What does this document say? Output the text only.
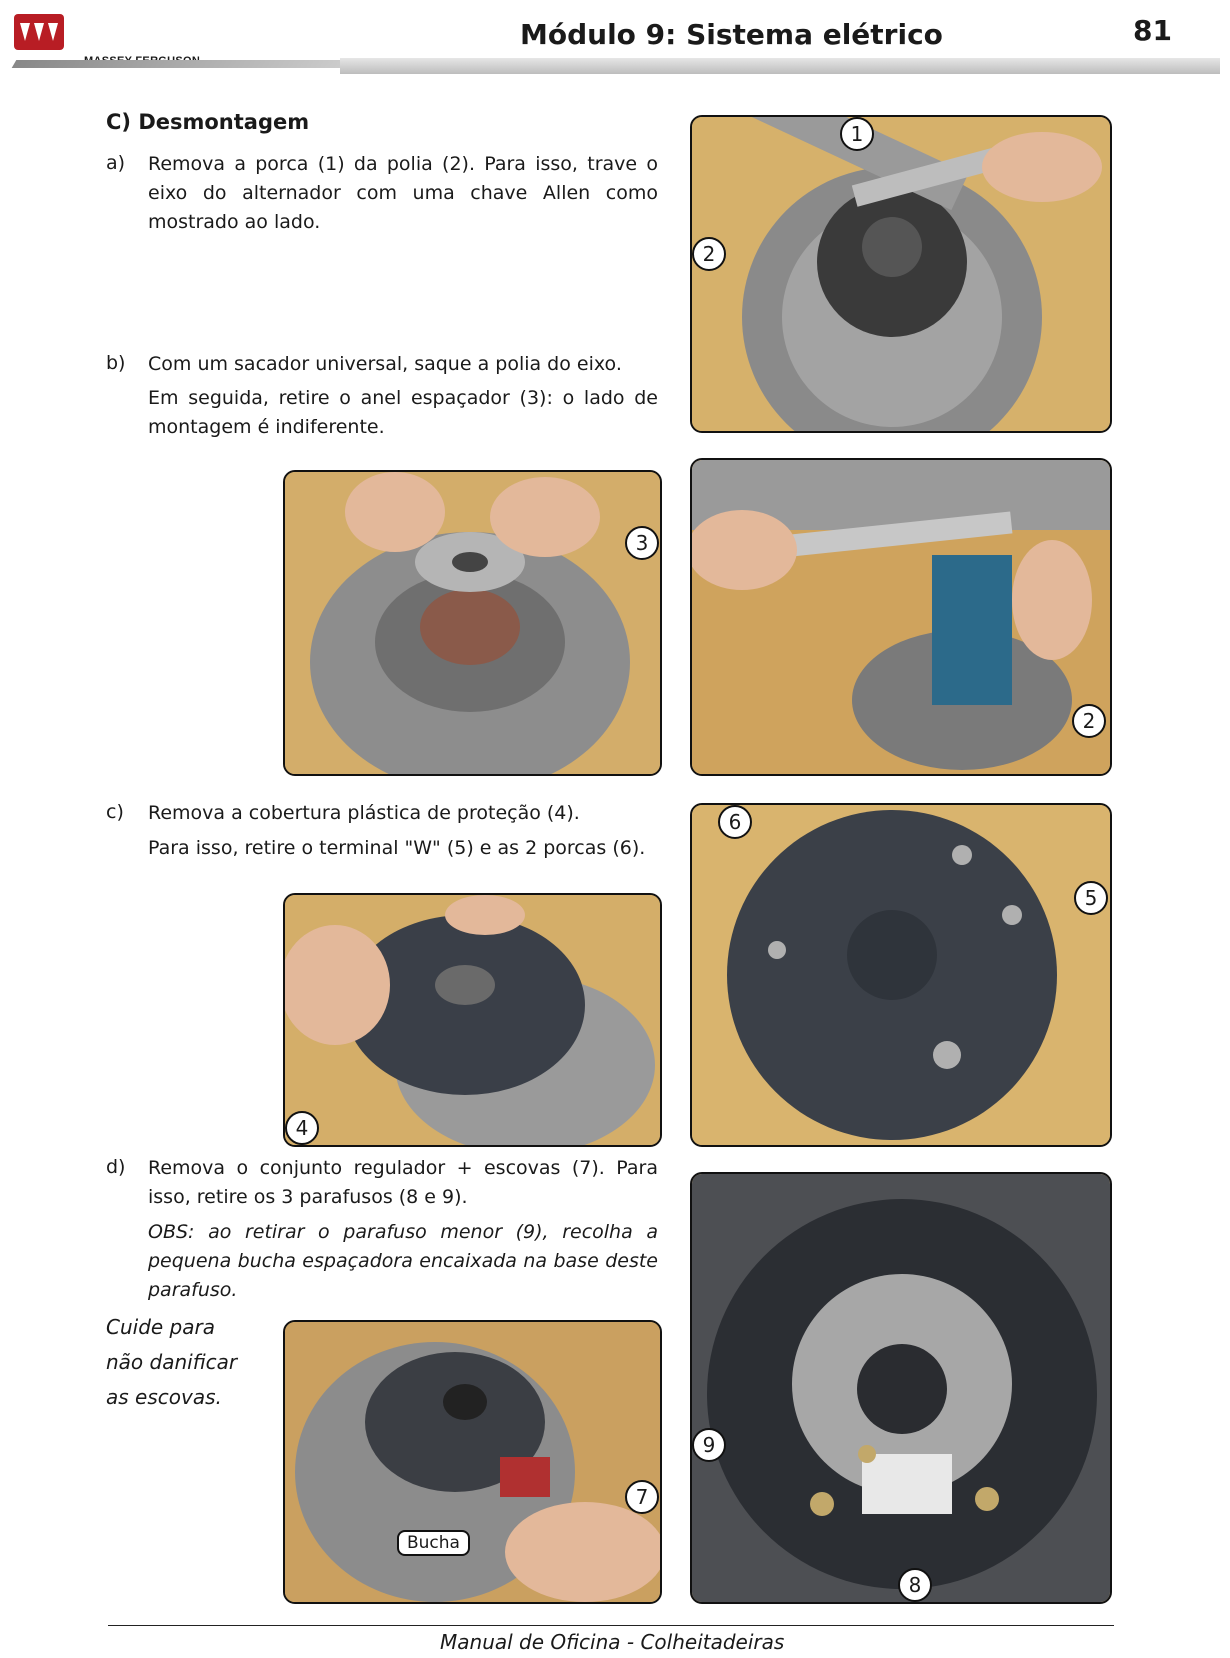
Módulo 9: Sistema elétrico	81
C) Desmontagem
a) Remova a porca (1) da polia (2). Para isso, trave o eixo do alternador com uma chave Allen como mostrado ao lado.
b) Com um sacador universal, saque a polia do eixo.
Em seguida, retire o anel espaçador (3): o lado de montagem é indiferente.
c) Remova a cobertura plástica de proteção (4).
Para isso, retire o terminal "W" (5) e as 2 porcas (6).
d) Remova o conjunto regulador + escovas (7). Para isso, retire os 3 parafusos (8 e 9).
OBS: ao retirar o parafuso menor (9), recolha a pequena bucha espaçadora encaixada na base deste parafuso.
Cuide para
não danificar
as escovas.
1
2
3
2
4
6
5
7
Bucha
9
8
Manual de Oficina - Colheitadeiras
